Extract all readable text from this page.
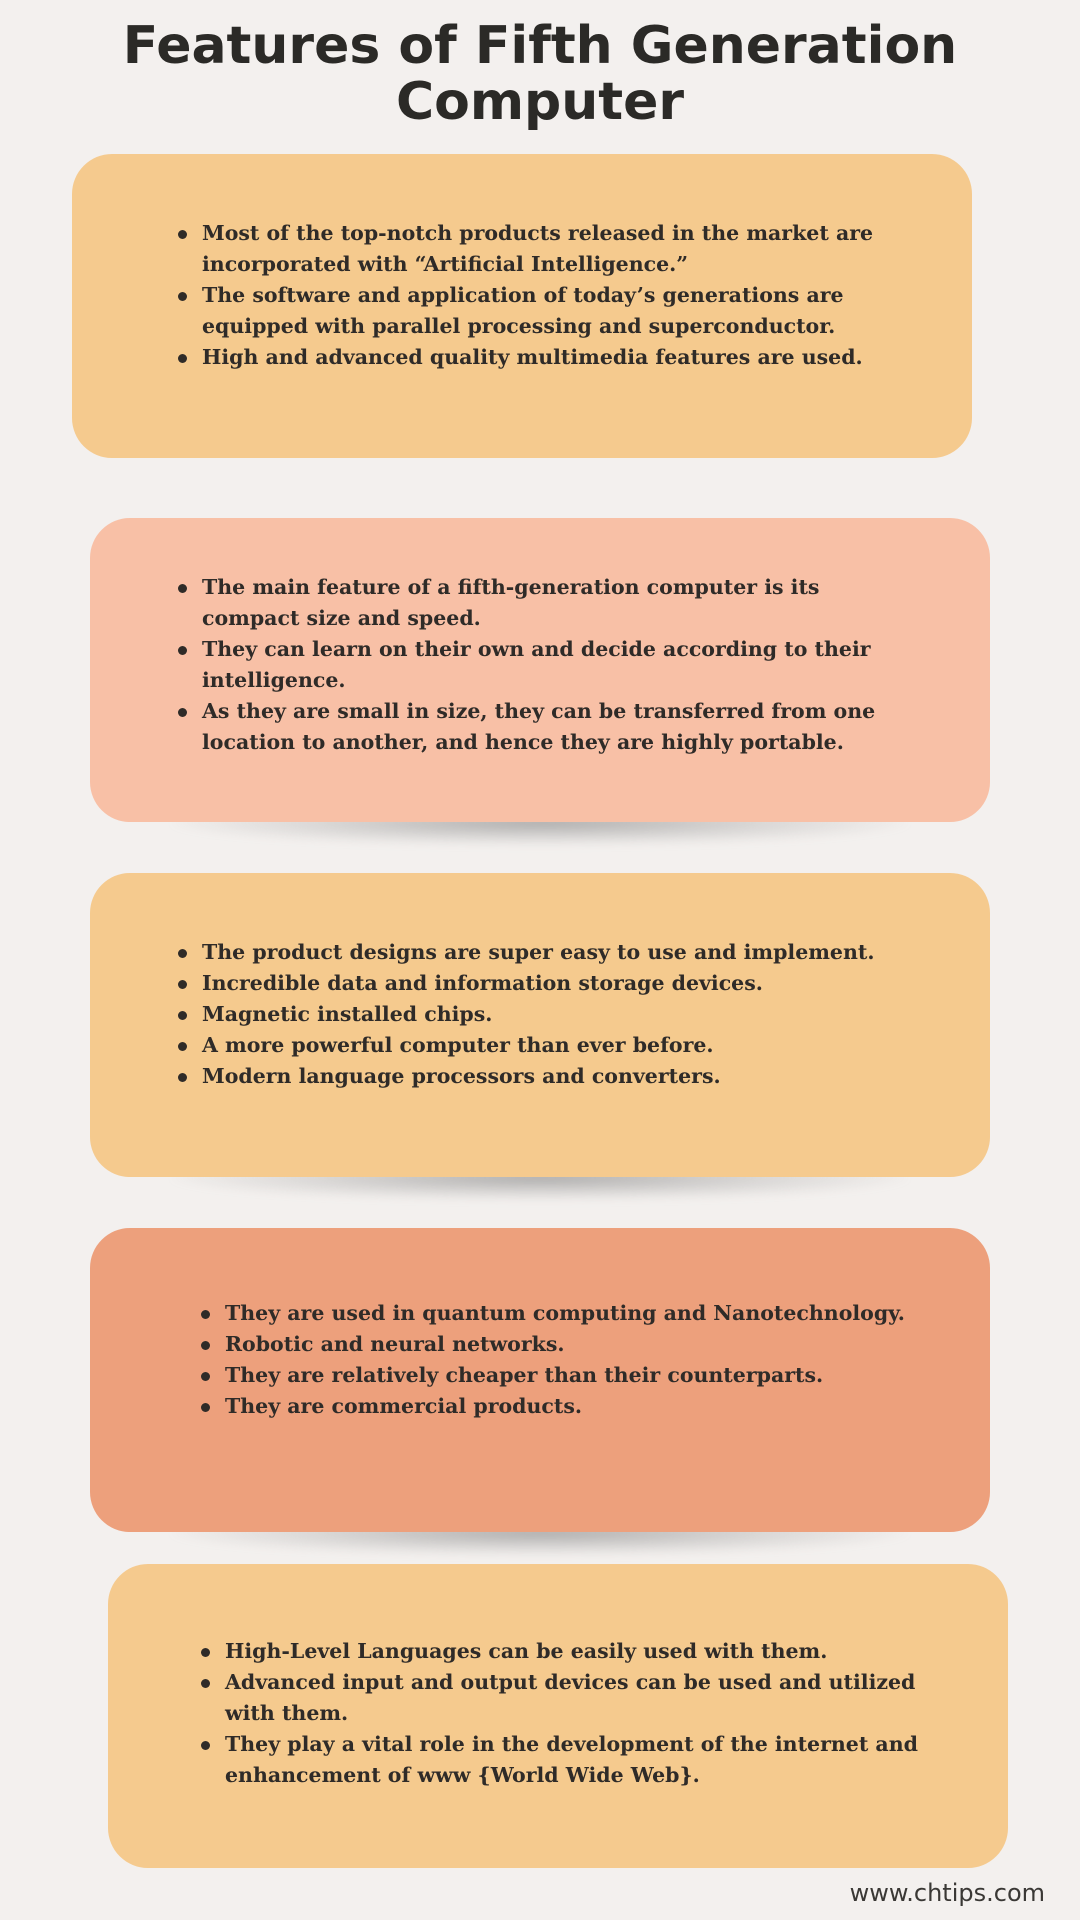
Features of Fifth Generation Computer
Most of the top-notch products released in the market are incorporated with “Artificial Intelligence.”
The software and application of today’s generations are equipped with parallel processing and superconductor.
High and advanced quality multimedia features are used.
The main feature of a fifth-generation computer is its compact size and speed.
They can learn on their own and decide according to their intelligence.
As they are small in size, they can be transferred from one location to another, and hence they are highly portable.
The product designs are super easy to use and implement.
Incredible data and information storage devices.
Magnetic installed chips.
A more powerful computer than ever before.
Modern language processors and converters.
They are used in quantum computing and Nanotechnology.
Robotic and neural networks.
They are relatively cheaper than their counterparts.
They are commercial products.
High-Level Languages can be easily used with them.
Advanced input and output devices can be used and utilized with them.
They play a vital role in the development of the internet and enhancement of www {World Wide Web}.
www.chtips.com
